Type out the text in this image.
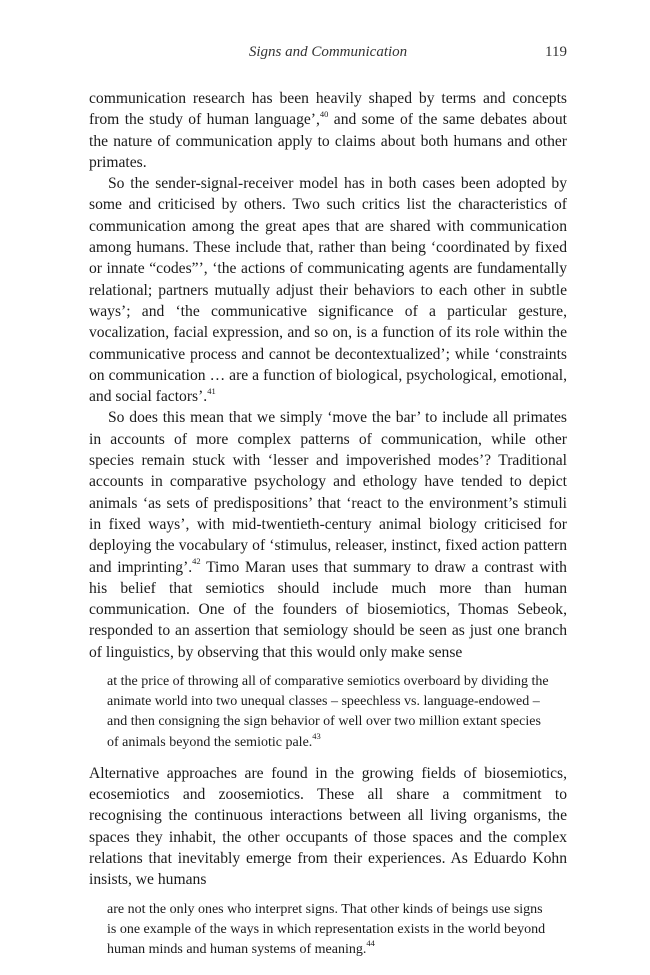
Signs and Communication	119

communication research has been heavily shaped by terms and concepts from the study of human language’,$^{40}$ and some of the same debates about the nature of communication apply to claims about both humans and other primates.

So the sender-signal-receiver model has in both cases been adopted by some and criticised by others. Two such critics list the characteristics of communication among the great apes that are shared with communication among humans. These include that, rather than being ‘coordinated by fixed or innate “codes”’, ‘the actions of communicating agents are fundamentally relational; partners mutually adjust their behaviors to each other in subtle ways’; and ‘the communicative significance of a particular gesture, vocalization, facial expression, and so on, is a function of its role within the communicative process and cannot be decontextualized’; while ‘constraints on communication … are a function of biological, psychological, emotional, and social factors’.$^{41}$

So does this mean that we simply ‘move the bar’ to include all primates in accounts of more complex patterns of communication, while other species remain stuck with ‘lesser and impoverished modes’? Traditional accounts in comparative psychology and ethology have tended to depict animals ‘as sets of predispositions’ that ‘react to the environment’s stimuli in fixed ways’, with mid-twentieth-century animal biology criticised for deploying the vocabulary of ‘stimulus, releaser, instinct, fixed action pattern and imprinting’.$^{42}$ Timo Maran uses that summary to draw a contrast with his belief that semiotics should include much more than human communication. One of the founders of biosemiotics, Thomas Sebeok, responded to an assertion that semiology should be seen as just one branch of linguistics, by observing that this would only make sense

at the price of throwing all of comparative semiotics overboard by dividing the animate world into two unequal classes – speechless vs. language-endowed – and then consigning the sign behavior of well over two million extant species of animals beyond the semiotic pale.$^{43}$

Alternative approaches are found in the growing fields of biosemiotics, ecosemiotics and zoosemiotics. These all share a commitment to recognising the continuous interactions between all living organisms, the spaces they inhabit, the other occupants of those spaces and the complex relations that inevitably emerge from their experiences. As Eduardo Kohn insists, we humans

are not the only ones who interpret signs. That other kinds of beings use signs is one example of the ways in which representation exists in the world beyond human minds and human systems of meaning.$^{44}$
